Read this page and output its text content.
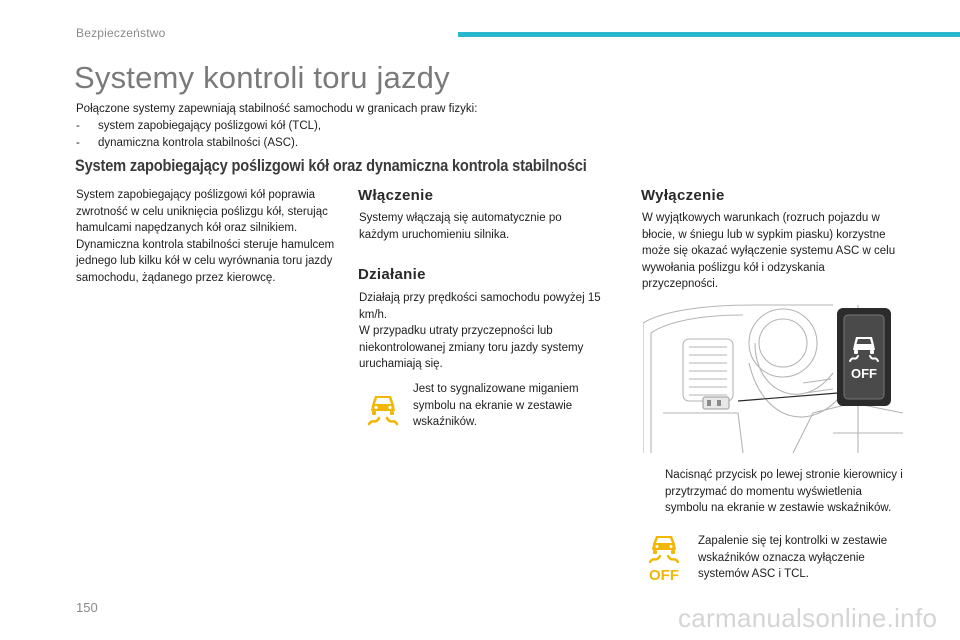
Bezpieczeństwo
Systemy kontroli toru jazdy
Połączone systemy zapewniają stabilność samochodu w granicach praw fizyki:
-	system zapobiegający poślizgowi kół (TCL),
-	dynamiczna kontrola stabilności (ASC).
System zapobiegający poślizgowi kół oraz dynamiczna kontrola stabilności

System zapobiegający poślizgowi kół poprawia zwrotność w celu uniknięcia poślizgu kół, sterując hamulcami napędzanych kół oraz silnikiem.

Dynamiczna kontrola stabilności steruje hamulcem jednego lub kilku kół w celu wyrównania toru jazdy samochodu, żądanego przez kierowcę.

Włączenie
Systemy włączają się automatycznie po każdym uruchomieniu silnika.
Działanie
Działają przy prędkości samochodu powyżej 15 km/h.
W przypadku utraty przyczepności lub niekontrolowanej zmiany toru jazdy systemy uruchamiają się.
Jest to sygnalizowane miganiem symbolu na ekranie w zestawie wskaźników.
Wyłączenie
W wyjątkowych warunkach (rozruch pojazdu w błocie, w śniegu lub w sypkim piasku) korzystne może się okazać wyłączenie systemu ASC w celu wywołania poślizgu kół i odzyskania przyczepności.
OFF
Nacisnąć przycisk po lewej stronie kierownicy i przytrzymać do momentu wyświetlenia symbolu na ekranie w zestawie wskaźników.
OFF
Zapalenie się tej kontrolki w zestawie wskaźników oznacza wyłączenie systemów ASC i TCL.
150	carmanualsonline.info
